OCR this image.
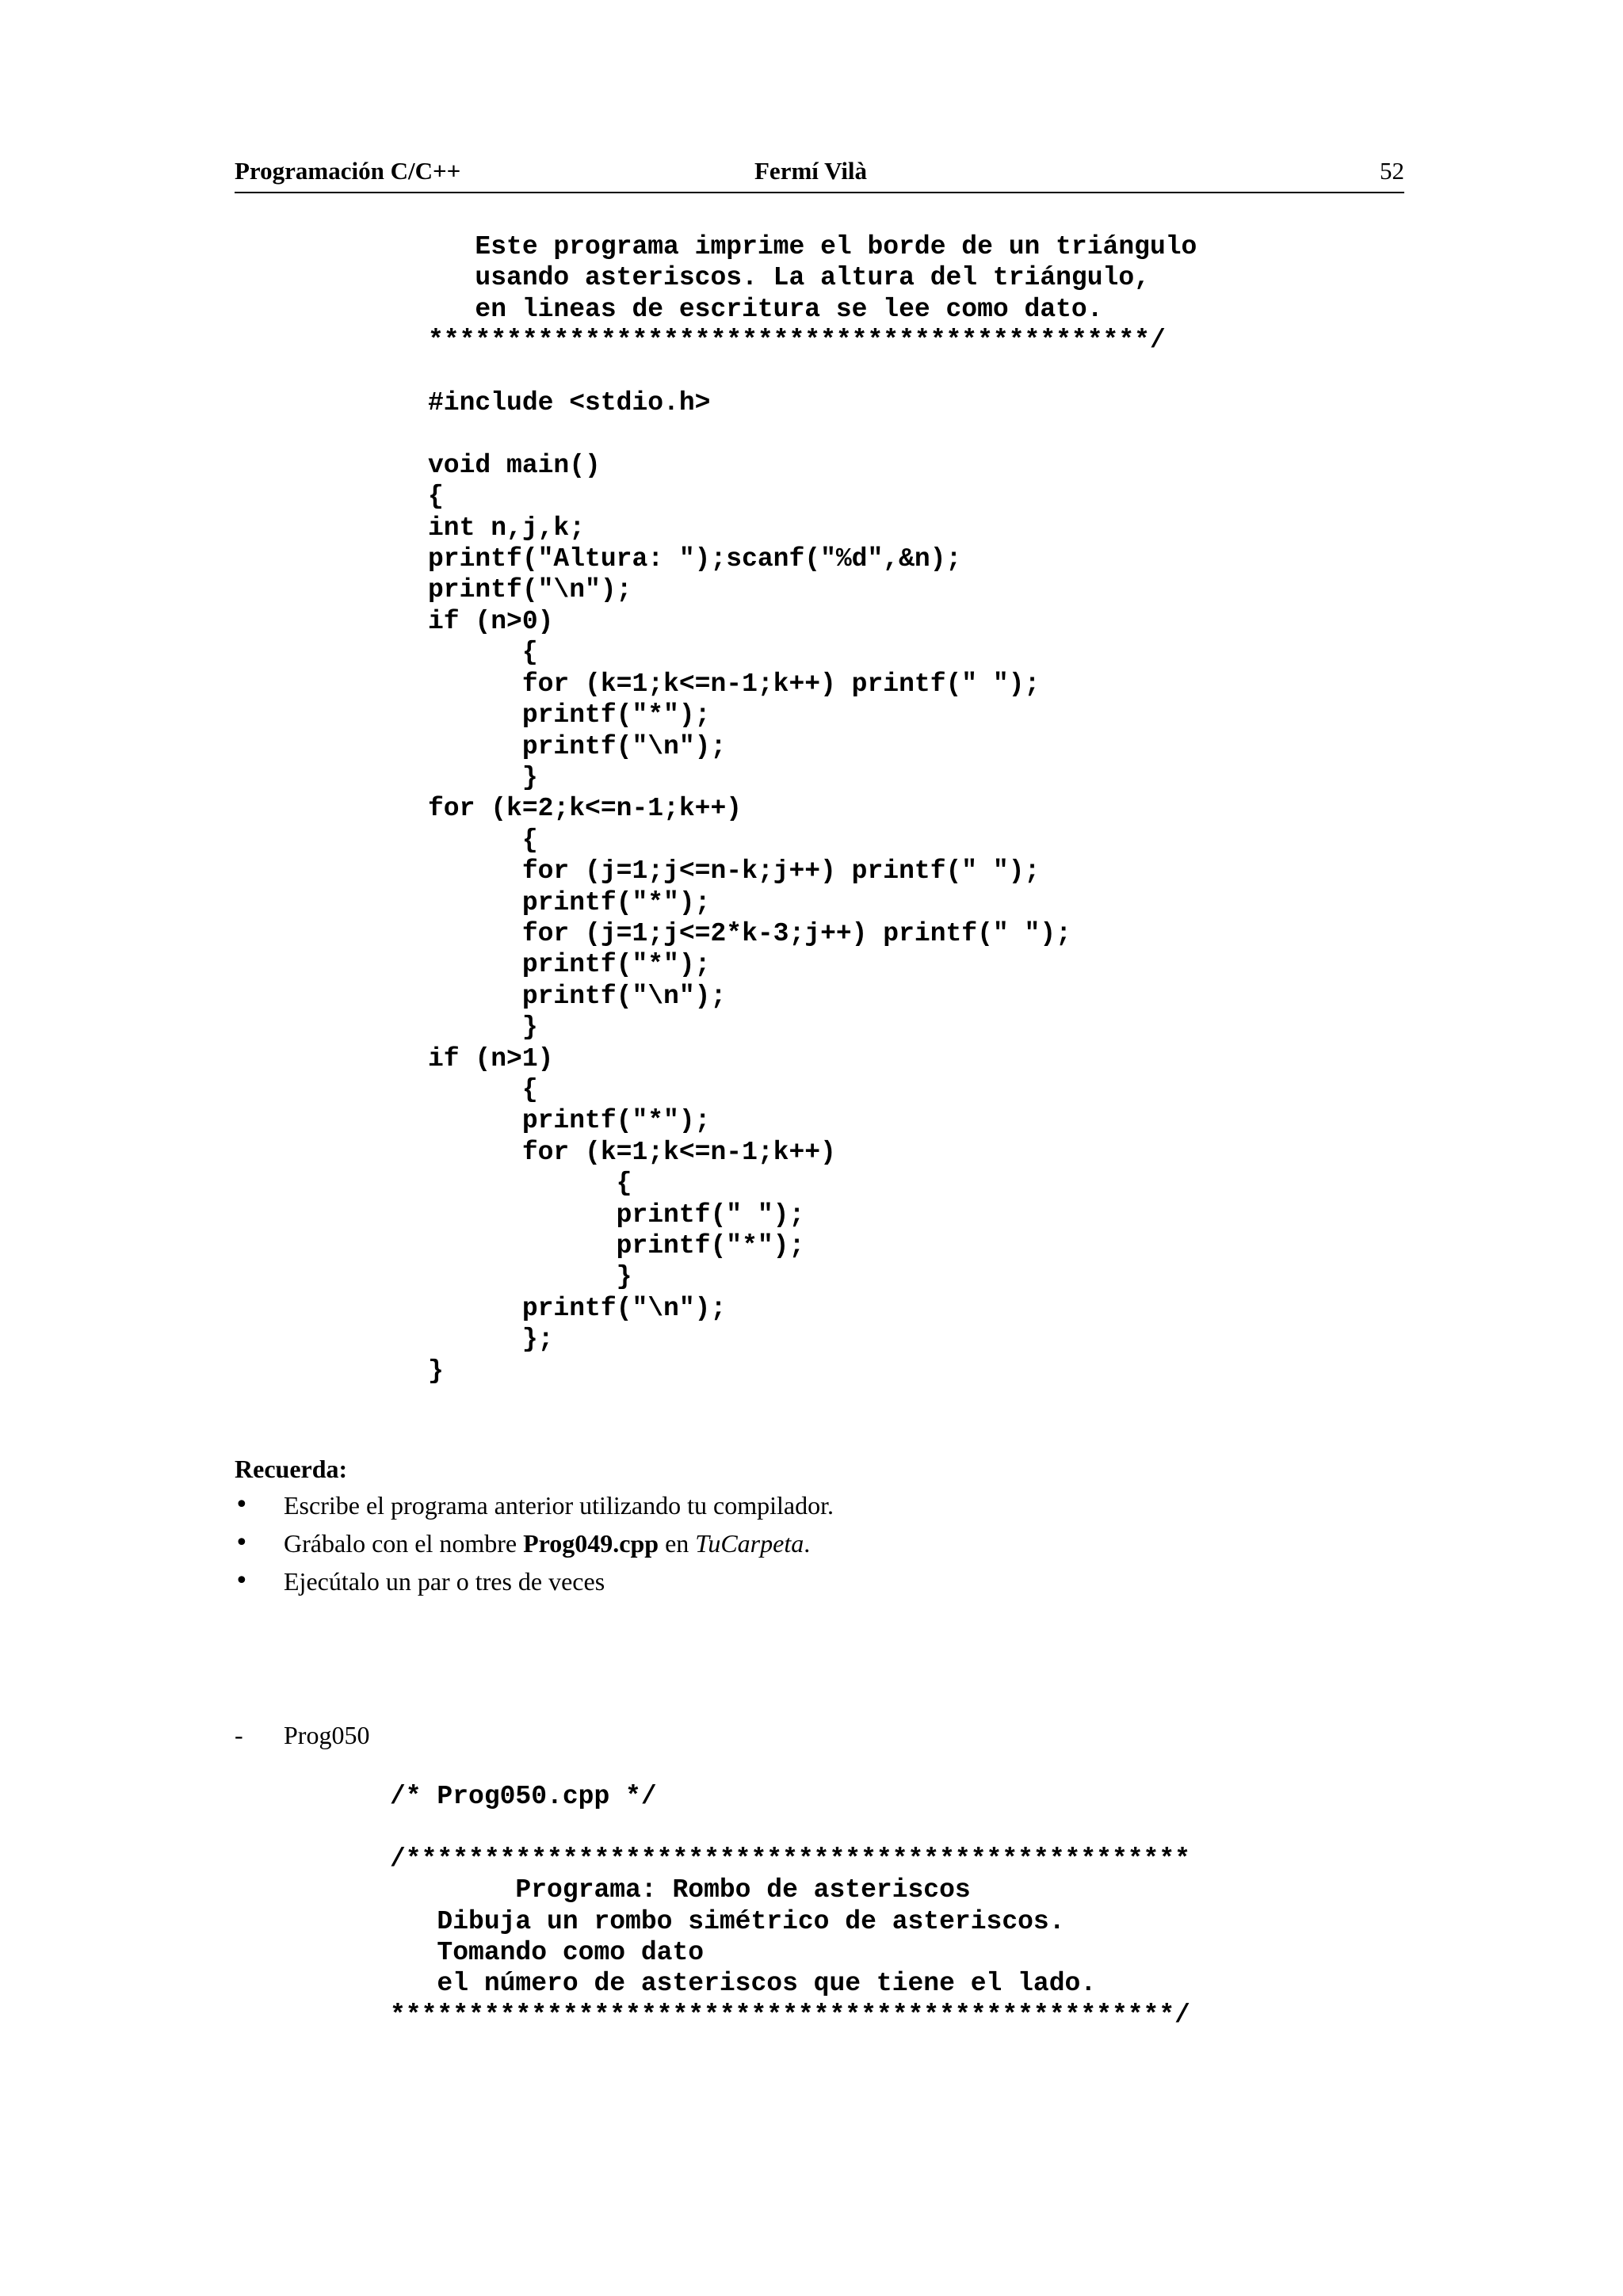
Programación C/C++	Fermí Vilà	52
Este programa imprime el borde de un triángulo
usando asteriscos. La altura del triángulo,
en lineas de escritura se lee como dato.
**********************************************/

#include <stdio.h>

void main()
{
int n,j,k;
printf("Altura: ");scanf("%d",&n);
printf("\n");
if (n>0)
{
for (k=1;k<=n-1;k++) printf(" ");
printf("*");
printf("\n");
}
for (k=2;k<=n-1;k++)
{
for (j=1;j<=n-k;j++) printf(" ");
printf("*");
for (j=1;j<=2*k-3;j++) printf(" ");
printf("*");
printf("\n");
}
if (n>1)
{
printf("*");
for (k=1;k<=n-1;k++)
{
printf(" ");
printf("*");
}
printf("\n");
};
}
Recuerda:
• Escribe el programa anterior utilizando tu compilador.
• Grábalo con el nombre Prog049.cpp en TuCarpeta.
• Ejecútalo un par o tres de veces
- Prog050
/* Prog050.cpp */

/**************************************************
Programa: Rombo de asteriscos
Dibuja un rombo simétrico de asteriscos.
Tomando como dato
el número de asteriscos que tiene el lado.
**************************************************/
